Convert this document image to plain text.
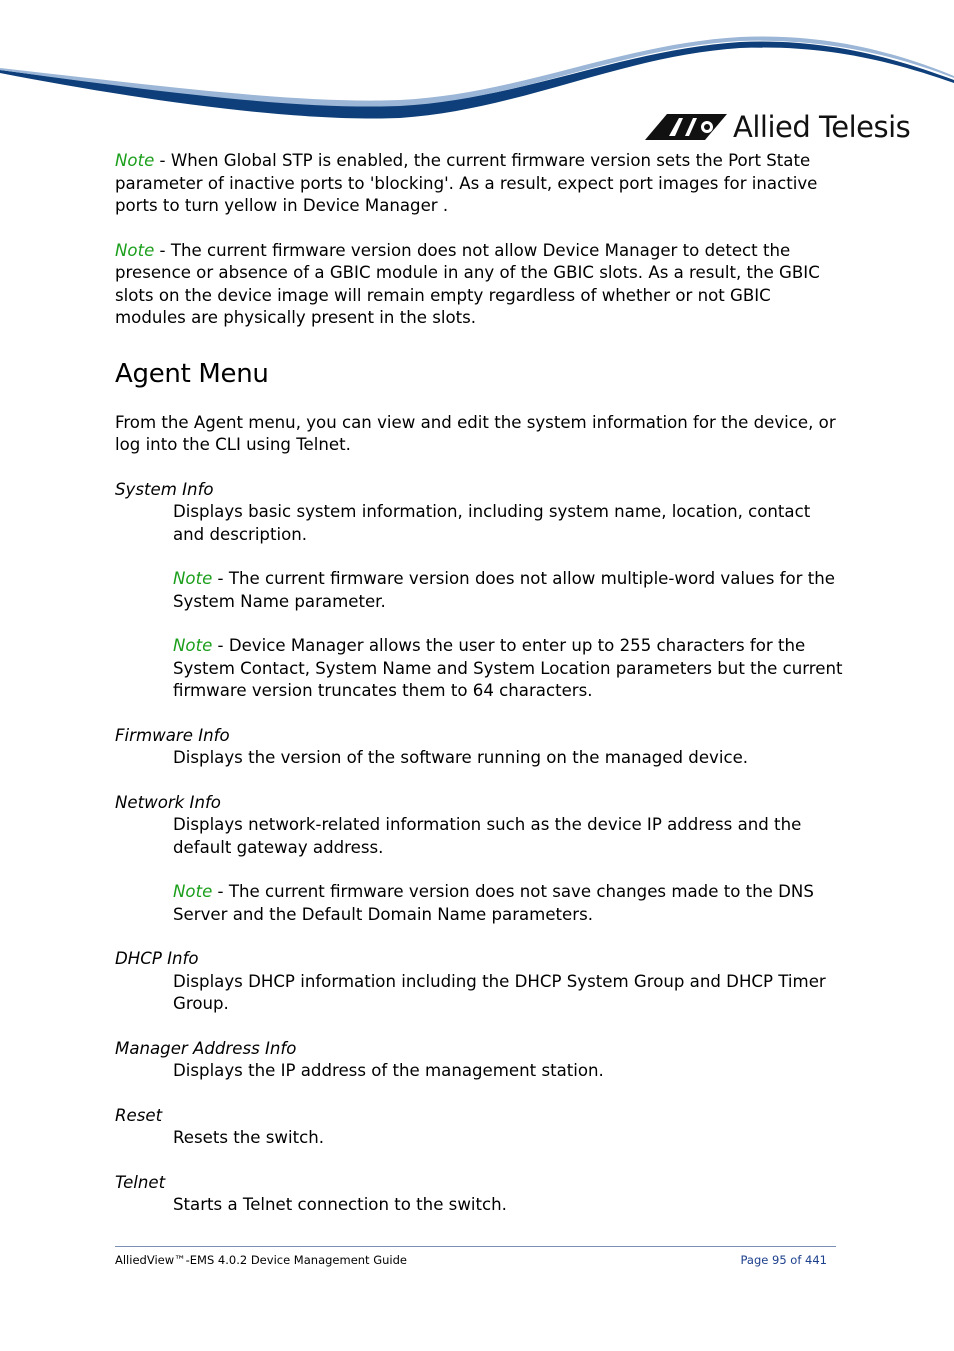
Allied Telesis

Note - When Global STP is enabled, the current firmware version sets the Port State parameter of inactive ports to 'blocking'. As a result, expect port images for inactive ports to turn yellow in Device Manager .

Note - The current firmware version does not allow Device Manager to detect the presence or absence of a GBIC module in any of the GBIC slots. As a result, the GBIC slots on the device image will remain empty regardless of whether or not GBIC modules are physically present in the slots.

Agent Menu

From the Agent menu, you can view and edit the system information for the device, or log into the CLI using Telnet.

System Info

Displays basic system information, including system name, location, contact and description.

Note - The current firmware version does not allow multiple-word values for the System Name parameter.

Note - Device Manager allows the user to enter up to 255 characters for the System Contact, System Name and System Location parameters but the current firmware version truncates them to 64 characters.

Firmware Info

Displays the version of the software running on the managed device.

Network Info

Displays network-related information such as the device IP address and the default gateway address.

Note - The current firmware version does not save changes made to the DNS Server and the Default Domain Name parameters.

DHCP Info

Displays DHCP information including the DHCP System Group and DHCP Timer Group.

Manager Address Info

Displays the IP address of the management station.

Reset

Resets the switch.

Telnet

Starts a Telnet connection to the switch.

AlliedView™-EMS 4.0.2 Device Management Guide	Page 95 of 441
